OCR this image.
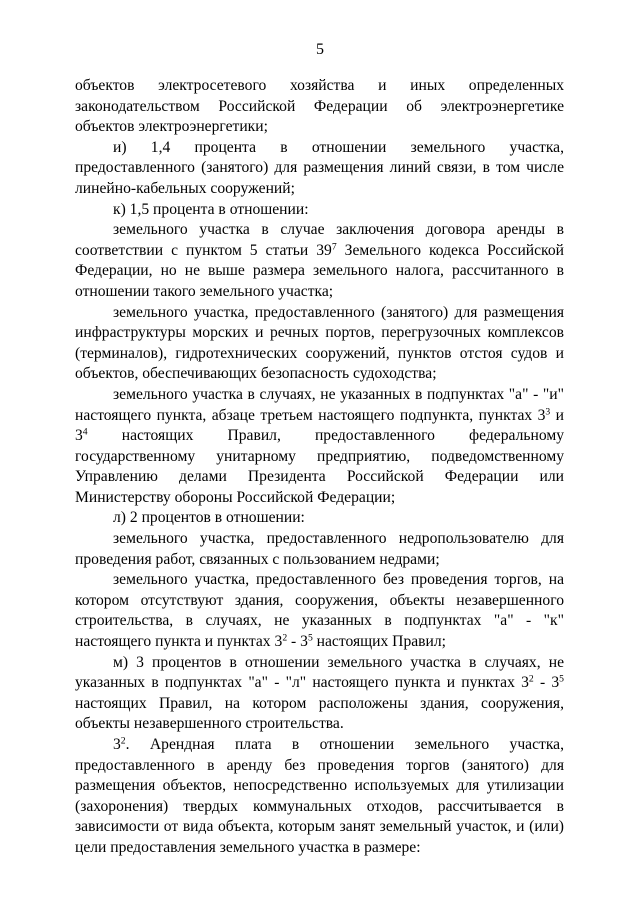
5

объектов электросетевого хозяйства и иных определенных законодательством Российской Федерации об электроэнергетике объектов электроэнергетики;

и) 1,4 процента в отношении земельного участка, предоставленного (занятого) для размещения линий связи, в том числе линейно-кабельных сооружений;

к) 1,5 процента в отношении:

земельного участка в случае заключения договора аренды в соответствии с пунктом 5 статьи $39^7$ Земельного кодекса Российской Федерации, но не выше размера земельного налога, рассчитанного в отношении такого земельного участка;

земельного участка, предоставленного (занятого) для размещения инфраструктуры морских и речных портов, перегрузочных комплексов (терминалов), гидротехнических сооружений, пунктов отстоя судов и объектов, обеспечивающих безопасность судоходства;

земельного участка в случаях, не указанных в подпунктах "а" - "и" настоящего пункта, абзаце третьем настоящего подпункта, пунктах $3^3$ и $3^4$ настоящих Правил, предоставленного федеральному государственному унитарному предприятию, подведомственному Управлению делами Президента Российской Федерации или Министерству обороны Российской Федерации;

л) 2 процентов в отношении:

земельного участка, предоставленного недропользователю для проведения работ, связанных с пользованием недрами;

земельного участка, предоставленного без проведения торгов, на котором отсутствуют здания, сооружения, объекты незавершенного строительства, в случаях, не указанных в подпунктах "а" - "к" настоящего пункта и пунктах $3^2 - 3^5$ настоящих Правил;

м) 3 процентов в отношении земельного участка в случаях, не указанных в подпунктах "а" - "л" настоящего пункта и пунктах $3^2 - 3^5$ настоящих Правил, на котором расположены здания, сооружения, объекты незавершенного строительства.

$3^2$. Арендная плата в отношении земельного участка, предоставленного в аренду без проведения торгов (занятого) для размещения объектов, непосредственно используемых для утилизации (захоронения) твердых коммунальных отходов, рассчитывается в зависимости от вида объекта, которым занят земельный участок, и (или) цели предоставления земельного участка в размере:
